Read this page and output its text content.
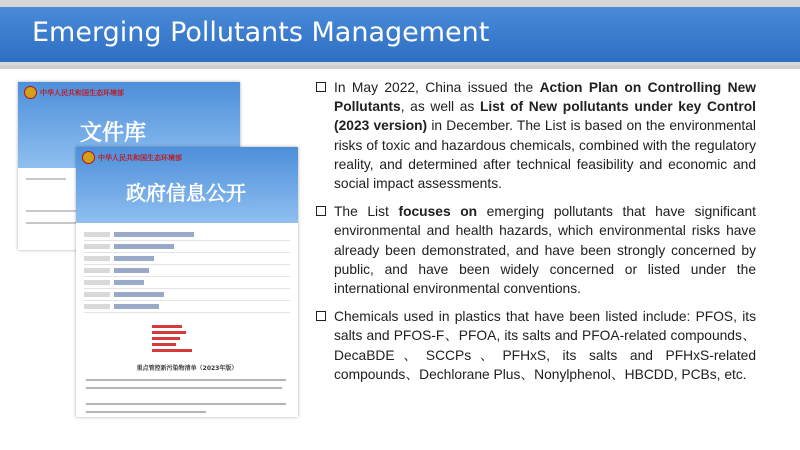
Emerging Pollutants Management
中华人民共和国生态环境部
文件库
中华人民共和国生态环境部
政府信息公开
重点管控新污染物清单（2023年版）
In May 2022, China issued the Action Plan on Controlling New Pollutants, as well as List of New pollutants under key Control (2023 version) in December. The List is based on the environmental risks of toxic and hazardous chemicals, combined with the regulatory reality, and determined after technical feasibility and economic and social impact assessments.
The List focuses on emerging pollutants that have significant environmental and health hazards, which environmental risks have already been demonstrated, and have been strongly concerned by public, and have been widely concerned or listed under the international environmental conventions.
Chemicals used in plastics that have been listed include: PFOS, its salts and PFOS-F、PFOA, its salts and PFOA-related compounds、DecaBDE、SCCPs、PFHxS, its salts and PFHxS-related compounds、Dechlorane Plus、Nonylphenol、HBCDD, PCBs, etc.
